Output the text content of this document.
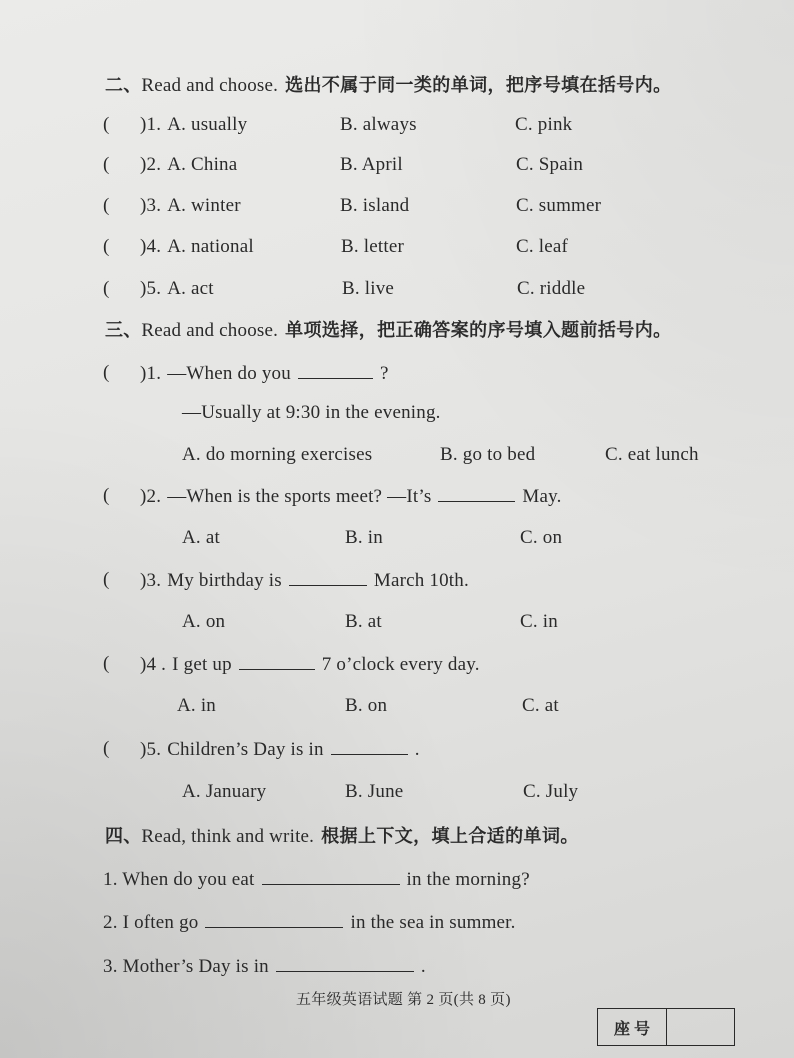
二、Read and choose. 选出不属于同一类的单词，把序号填在括号内。
( )1. A. usually	B. always	C. pink
( )2. A. China	B. April	C. Spain
( )3. A. winter	B. island	C. summer
( )4. A. national	B. letter	C. leaf
( )5. A. act	B. live	C. riddle
三、Read and choose. 单项选择，把正确答案的序号填入题前括号内。
( )1. —When do you	?
—Usually at 9:30 in the evening.
A. do morning exercises	B. go to bed	C. eat lunch
( )2. —When is the sports meet? —It’s	May.
A. at	B. in	C. on
( )3. My birthday is	March 10th.
A. on	B. at	C. in
( )4 . I get up	7 o’clock every day.
A. in	B. on	C. at
( )5. Children’s Day is in	.
A. January	B. June	C. July
四、Read, think and write. 根据上下文，填上合适的单词。
1. When do you eat	in the morning?
2. I often go	in the sea in summer.
3. Mother’s Day is in	.
五年级英语试题 第 2 页(共 8 页)
座 号
